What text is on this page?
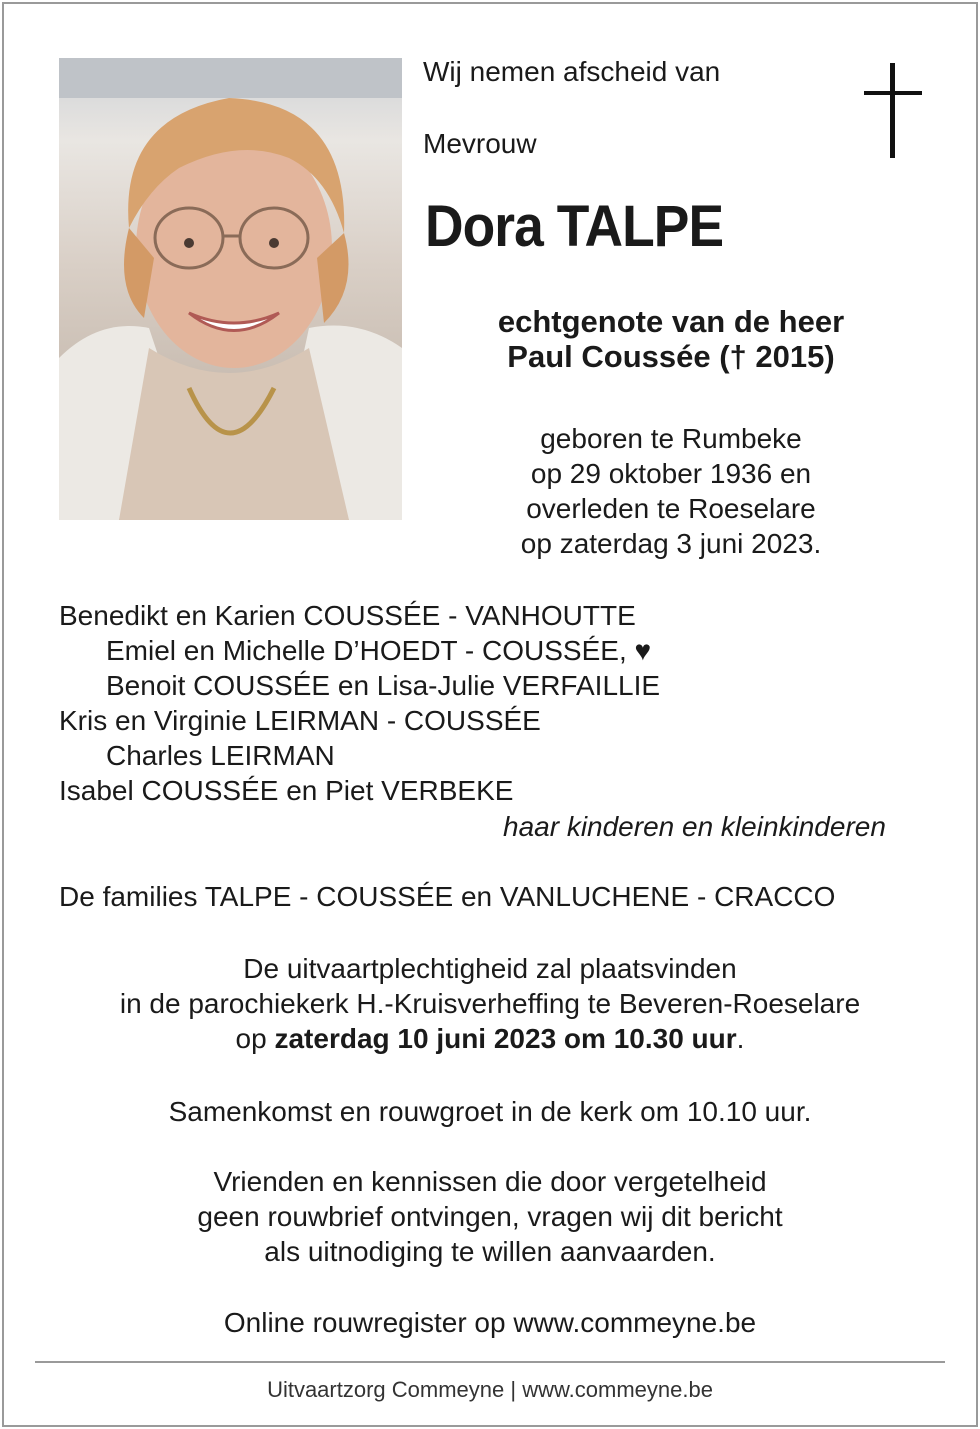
Wij nemen afscheid van
Mevrouw
Dora TALPE
echtgenote van de heer
Paul Coussée († 2015)
geboren te Rumbeke
op 29 oktober 1936 en
overleden te Roeselare
op zaterdag 3 juni 2023.
Benedikt en Karien COUSSÉE - VANHOUTTE
Emiel en Michelle D’HOEDT - COUSSÉE, ♥
Benoit COUSSÉE en Lisa-Julie VERFAILLIE
Kris en Virginie LEIRMAN - COUSSÉE
Charles LEIRMAN
Isabel COUSSÉE en Piet VERBEKE
haar kinderen en kleinkinderen
De families TALPE - COUSSÉE en VANLUCHENE - CRACCO
De uitvaartplechtigheid zal plaatsvinden
in de parochiekerk H.-Kruisverheffing te Beveren-Roeselare
op zaterdag 10 juni 2023 om 10.30 uur.
Samenkomst en rouwgroet in de kerk om 10.10 uur.
Vrienden en kennissen die door vergetelheid
geen rouwbrief ontvingen, vragen wij dit bericht
als uitnodiging te willen aanvaarden.
Online rouwregister op www.commeyne.be
Uitvaartzorg Commeyne | www.commeyne.be
